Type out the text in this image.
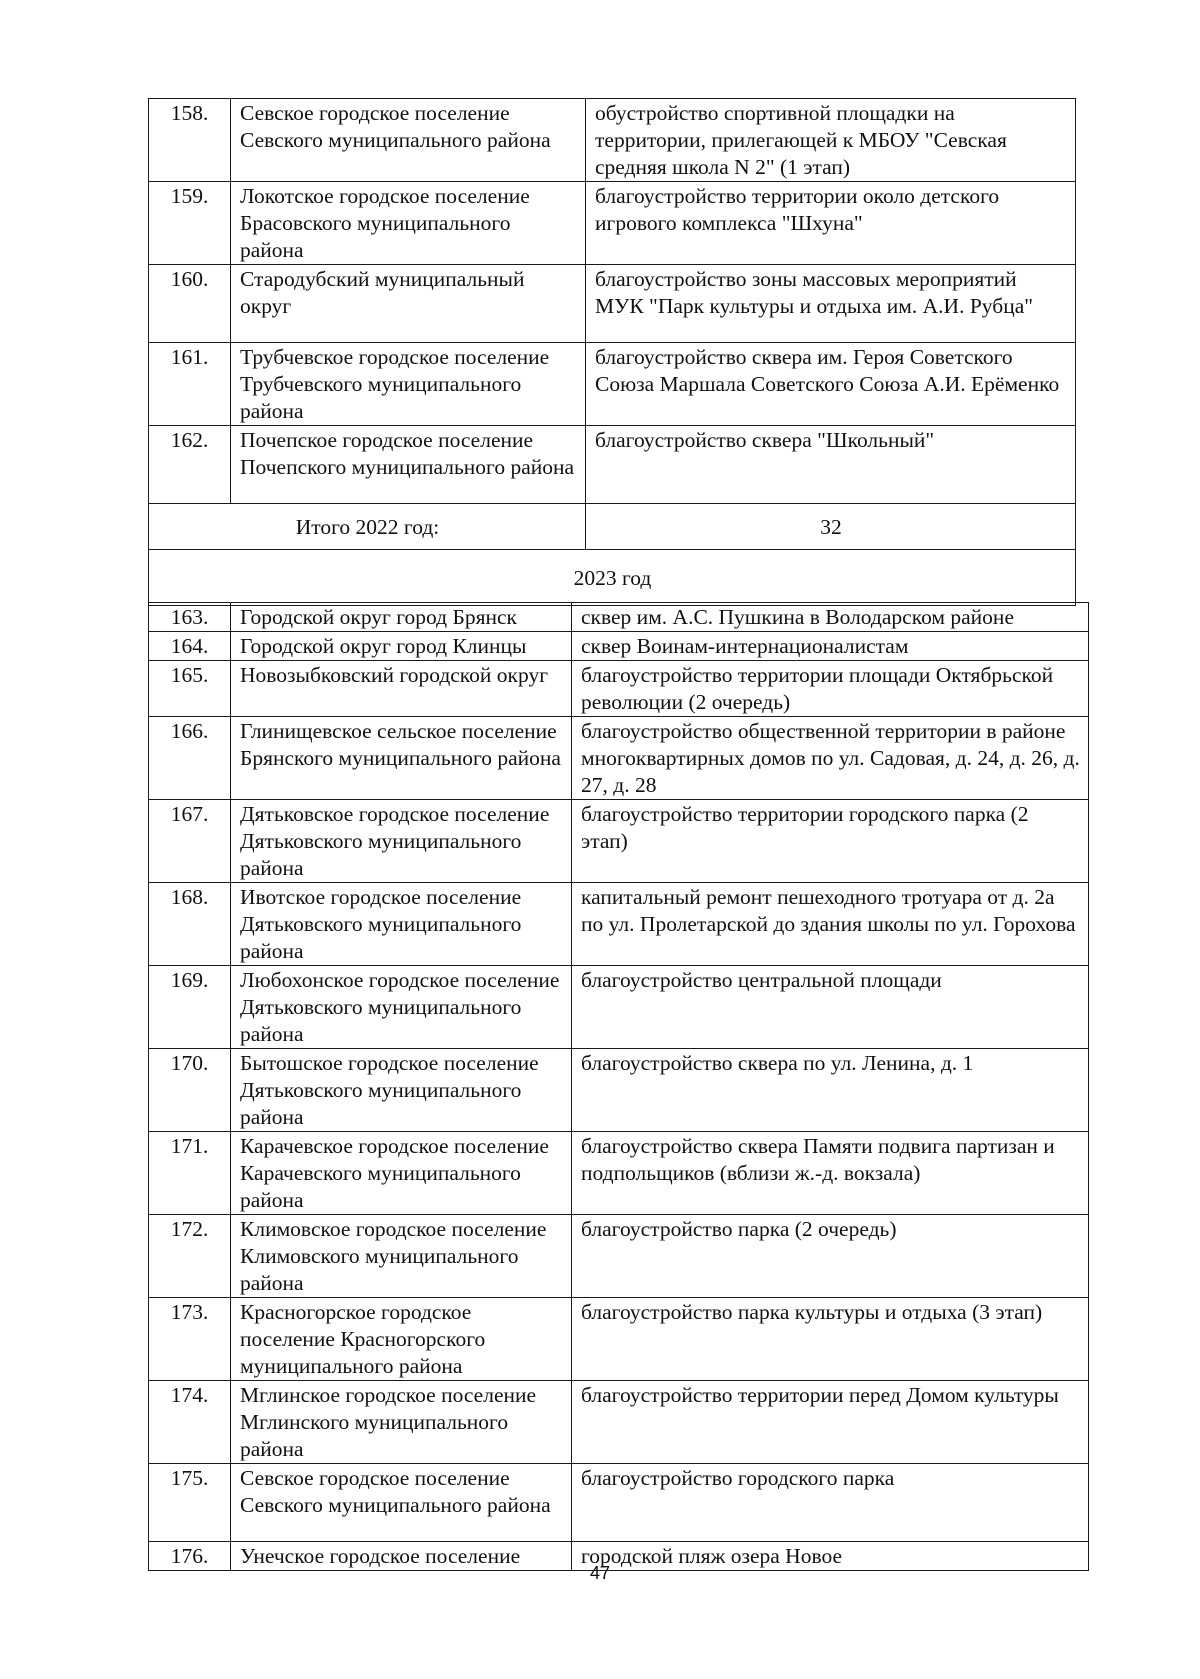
158.	Севское городское поселение Севского муниципального района	обустройство спортивной площадки на территории, прилегающей к МБОУ "Севская средняя школа N 2" (1 этап)
159.	Локотское городское поселение Брасовского муниципального района	благоустройство территории около детского игрового комплекса "Шхуна"
160.	Стародубский муниципальный округ	благоустройство зоны массовых мероприятий МУК "Парк культуры и отдыха им. А.И. Рубца"
161.	Трубчевское городское поселение Трубчевского муниципального района	благоустройство сквера им. Героя Советского Союза Маршала Советского Союза А.И. Ерёменко
162.	Почепское городское поселение Почепского муниципального района	благоустройство сквера "Школьный"
Итого 2022 год:		32
2023 год		
163.	Городской округ город Брянск	сквер им. А.С. Пушкина в Володарском районе
164.	Городской округ город Клинцы	сквер Воинам-интернационалистам
165.	Новозыбковский городской округ	благоустройство территории площади Октябрьской революции (2 очередь)
166.	Глинищевское сельское поселение Брянского муниципального района	благоустройство общественной территории в районе многоквартирных домов по ул. Садовая, д. 24, д. 26, д. 27, д. 28
167.	Дятьковское городское поселение Дятьковского муниципального района	благоустройство территории городского парка (2 этап)
168.	Ивотское городское поселение Дятьковского муниципального района	капитальный ремонт пешеходного тротуара от д. 2а по ул. Пролетарской до здания школы по ул. Горохова
169.	Любохонское городское поселение Дятьковского муниципального района	благоустройство центральной площади
170.	Бытошское городское поселение Дятьковского муниципального района	благоустройство сквера по ул. Ленина, д. 1
171.	Карачевское городское поселение Карачевского муниципального района	благоустройство сквера Памяти подвига партизан и подпольщиков (вблизи ж.-д. вокзала)
172.	Климовское городское поселение Климовского муниципального района	благоустройство парка (2 очередь)
173.	Красногорское городское поселение Красногорского муниципального района	благоустройство парка культуры и отдыха (3 этап)
174.	Мглинское городское поселение Мглинского муниципального района	благоустройство территории перед Домом культуры
175.	Севское городское поселение Севского муниципального района	благоустройство городского парка
176.	Унечское городское поселение	городской пляж озера Новое
47
